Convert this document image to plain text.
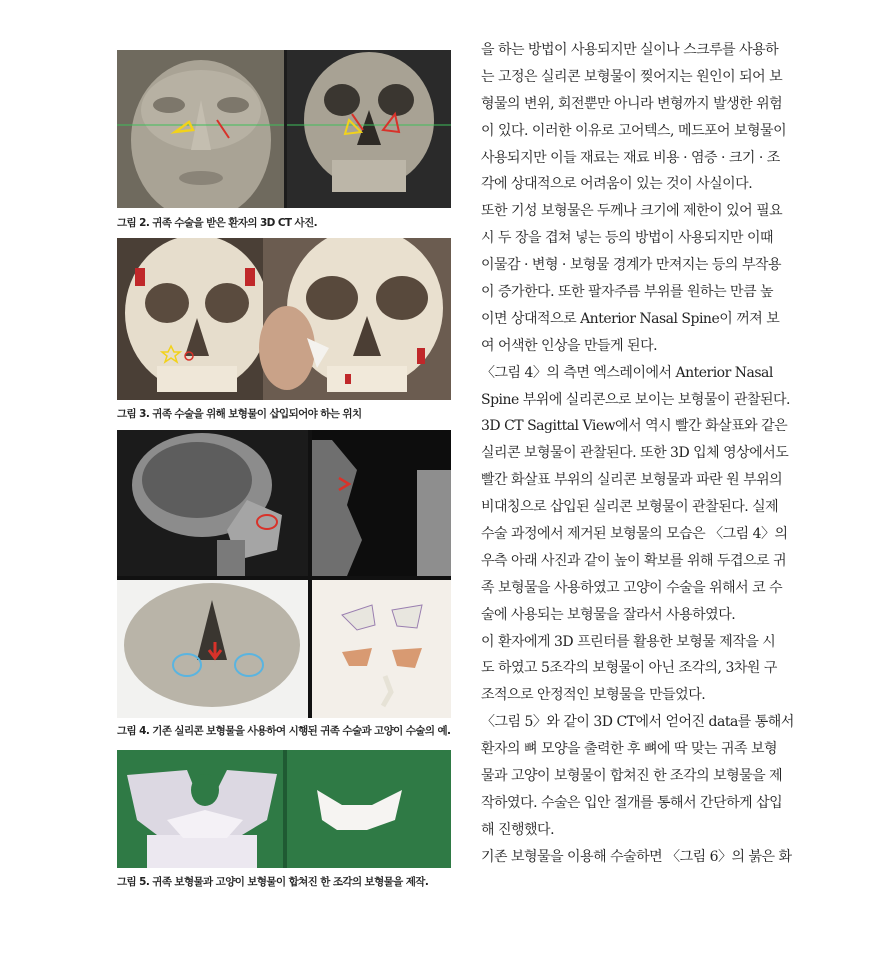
그림 2. 귀족 수술을 받은 환자의 3D CT 사진.
그림 3. 귀족 수술을 위해 보형물이 삽입되어야 하는 위치
그림 4. 기존 실리콘 보형물을 사용하여 시행된 귀족 수술과 고양이 수술의 예.
그림 5. 귀족 보형물과 고양이 보형물이 합쳐진 한 조각의 보형물을 제작.
을 하는 방법이 사용되지만 실이나 스크루를 사용하
는 고정은 실리콘 보형물이 찢어지는 원인이 되어 보
형물의 변위, 회전뿐만 아니라 변형까지 발생한 위험
이 있다. 이러한 이유로 고어텍스, 메드포어 보형물이
사용되지만 이들 재료는 재료 비용 · 염증 · 크기 · 조
각에 상대적으로 어려움이 있는 것이 사실이다.
또한 기성 보형물은 두께나 크기에 제한이 있어 필요
시 두 장을 겹쳐 넣는 등의 방법이 사용되지만 이때
이물감 · 변형 · 보형물 경계가 만져지는 등의 부작용
이 증가한다. 또한 팔자주름 부위를 원하는 만큼 높
이면 상대적으로 Anterior Nasal Spine이 꺼져 보
여 어색한 인상을 만들게 된다.
〈그림 4〉의 측면 엑스레이에서 Anterior Nasal
Spine 부위에 실리콘으로 보이는 보형물이 관찰된다.
3D CT Sagittal View에서 역시 빨간 화살표와 같은
실리콘 보형물이 관찰된다. 또한 3D 입체 영상에서도
빨간 화살표 부위의 실리콘 보형물과 파란 원 부위의
비대칭으로 삽입된 실리콘 보형물이 관찰된다. 실제
수술 과정에서 제거된 보형물의 모습은 〈그림 4〉의
우측 아래 사진과 같이 높이 확보를 위해 두겹으로 귀
족 보형물을 사용하였고 고양이 수술을 위해서 코 수
술에 사용되는 보형물을 잘라서 사용하였다.
이 환자에게 3D 프린터를 활용한 보형물 제작을 시
도 하였고 5조각의 보형물이 아닌 조각의, 3차원 구
조적으로 안정적인 보형물을 만들었다.
〈그림 5〉와 같이 3D CT에서 얻어진 data를 통해서
환자의 뼈 모양을 출력한 후 뼈에 딱 맞는 귀족 보형
물과 고양이 보형물이 합쳐진 한 조각의 보형물을 제
작하였다. 수술은 입안 절개를 통해서 간단하게 삽입
해 진행했다.
기존 보형물을 이용해 수술하면 〈그림 6〉의 붉은 화
